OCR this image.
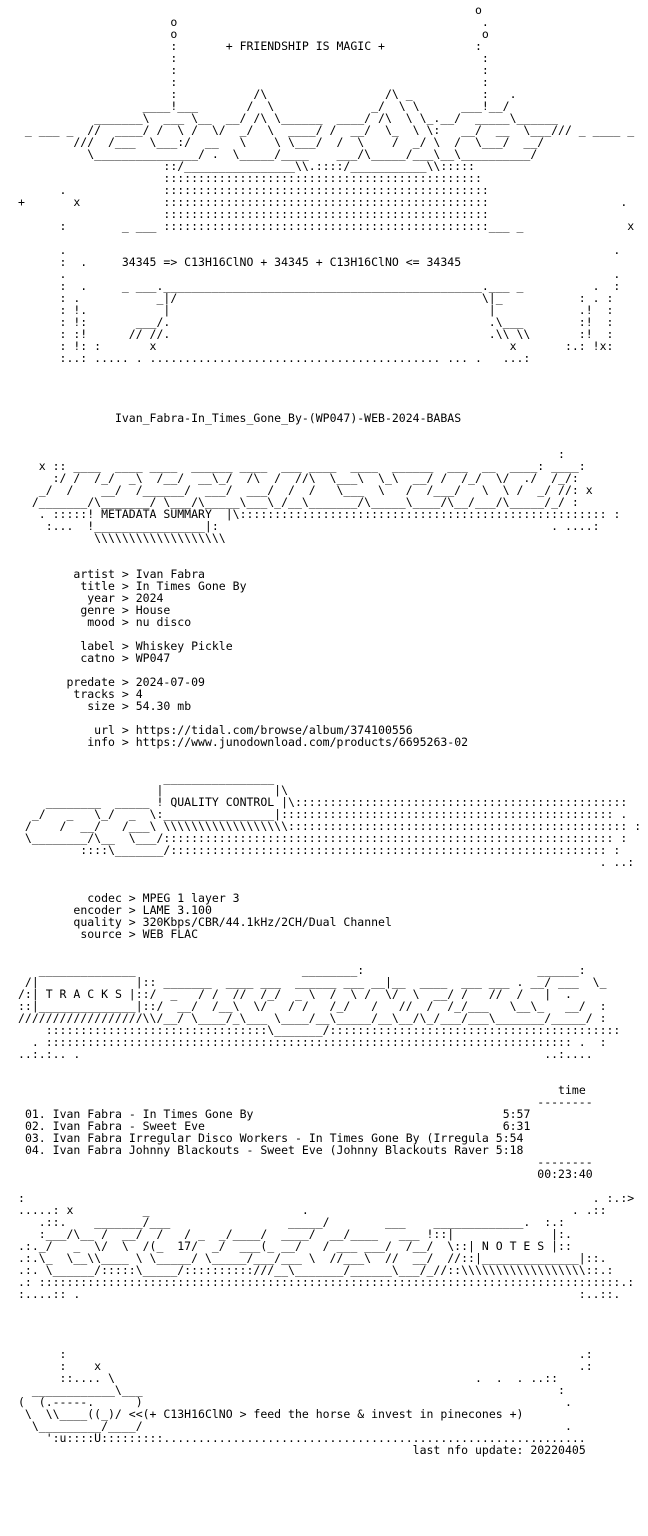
o
o                                            .
o                                            o
:       + FRIENDSHIP IS MAGIC +             :
:                                            :
:                                            :
:                                            :
:           /\                 /\ _          :   .
____!___       /  \              _/  \ \      ___!__/
_______\  ___ \__  __/ /\ \______  ____/ /\  \ \_.__/  _____\______
_ ___ _  //  ____/ /  \ /  \/  _/  \  ____/ /  __/  \_  \ \:   __/  __  \___/// _ ____ _
///  /___  \___:/  __   \    \ \___/  /  \    /  _/ \  /  \___/  __/
\_______________/ .  \_____/____    ___/\_____/___\__\__________/
::/________________\\.::::/___________\\:::::
::::::::::::::::::::::::::::::::::::::::::::::
.              :::::::::::::::::::::::::::::::::::::::::::::::
+       x            :::::::::::::::::::::::::::::::::::::::::::::::                   .
:::::::::::::::::::::::::::::::::::::::::::::::
:        _ ___ :::::::::::::::::::::::::::::::::::::::::::::::___ _               x

.                                                                               .
:  .     34345 => C13H16ClNO + 34345 + C13H16ClNO <= 34345
.                                                                               .
:  .     _ ___.______________________________________________.___ _          .  :
: .           _|/                                            \|_           : . :
: !.           |                                              |            .!  :
: !:       ___/.                                              .\___        :!  :
: :!      // //.                                              .\\ \\       :!  :
: !: :       x                                                   x       :.: !x:
:..: ..... . .......................................... ... .   ...:
Ivan_Fabra-In_Times_Gone_By-(WP047)-WEB-2024-BABAS
:
x :: ____  ____ ____  ______ ____  ___ ____  ____  ______  ___  __  ____: ____:
:/ /  /_/  _\  /__/  __\_/  /\  /  //\  \___\  \_\  __/ /  /_/  \/  ./  /_/:
_/  /    __/  /______/  ___/  ___/  /  /   \___  \   /  /___/   \  \ /  _/ //: x
/_______/\_______/ \___/\_____\___\_/__\_______/\_____\____/\__/___/\_____/_/ :
. :::::! METADATA SUMMARY  |\::::::::::::::::::::::::::::::::::::::::::::::::::::: :
:...  !________________|:                                                . ....:
\\\\\\\\\\\\\\\\\\\
artist > Ivan Fabra
title > In Times Gone By
year > 2024
genre > House
mood > nu disco
label > Whiskey Pickle
catno > WP047
predate > 2024-07-09
tracks > 4
size > 54.30 mb
url > https://tidal.com/browse/album/374100556
info > https://www.junodownload.com/products/6695263-02
________________
|                |\
________  _____ ! QUALITY CONTROL |\::::::::::::::::::::::::::::::::::::::::::::::::
_/   _   \_/  _  \:________________|:::::::::::::::::::::::::::::::::::::::::::::::: .
/    /  __/   /___\ \\\\\\\\\\\\\\\\\\::::::::::::::::::::::::::::::::::::::::::::::::: :
\________/\__  \___/::::::::::::::::::::::::::::::::::::::::::::::::::::::::::::::::: :
::::\_______/::::::::::::::::::::::::::::::::::::::::::::::::::::::::::::::: :
. ..:
codec > MPEG 1 layer 3
encoder > LAME 3.100
quality > 320Kbps/CBR/44.1kHz/2CH/Dual Channel
source > WEB FLAC
______________                        ________:                         ______:
/|              |:: _______  ____ ___  ______ ___ __|__  ____  ___ ___ . __/ ___  \_
/:| T R A C K S |::/  _   / /  //  /_/  _ \  /  \ /  \/  \  __/ /   //  /   |  .
::|______________|::/  __/  /__\  \/   / /   /_/   /   //  /  /_/___   \__\_   __/  :
//////////////////\\/__/ \____/_\___ \____/__\_____/__\__/\_/___/___\_______/_____/ :
::::::::::::::::::::::::::::::::\_______/::::::::::::::::::::::::::::::::::::::::::
. :::::::::::::::::::::::::::::::::::::::::::::::::::::::::::::::::::::::::::: .  :
..:.:.. .                                                                   ..:....
time
--------
01. Ivan Fabra - In Times Gone By	5:57
02. Ivan Fabra - Sweet Eve	6:31
03. Ivan Fabra Irregular Disco Workers - In Times Gone By (Irregula 5:54
04. Ivan Fabra Johnny Blackouts - Sweet Eve (Johnny Blackouts Raver 5:18
--------
00:23:40
:                                                                                  . :.:>
.....: x          _                      .                                      . .::
.::.    _______/___                 _____/        ___    _____________.  :.:
:___/\__ /  __/  /   / _  _/____/  ____/  __/____   ___ !::|              |:.
.:._/   _  \/  \  /(_  17/  _/  ___(_ __/   / ___ ___/  /__/  \::| N O T E S |::
.:.\_  \__\\____ \ \_____/ \_____/___/___ \  //___\  //  __/  //::|______________|::.
.:. \______/:::::\_____/::::::::::///__\_______/______\___/_//::\\\\\\\\\\\\\\\\\\::.:
.: ::::::::::::::::::::::::::::::::::::::::::::::::::::::::::::::::::::::::::::::::::::.:
:....:: .                                                                        :..::.
:                                                                          .:
:    x                                                                     .:
::.... \                                                    .  .  . ..::
____________\___                                                            :
(  (.-----.      )                                                             .
\  \\____((_)/ <<(+ C13H16ClNO > feed the horse & invest in pinecones +)
\_________/____/                                                             .
':u::::U:::::::::.............................................................
last nfo update: 20220405
